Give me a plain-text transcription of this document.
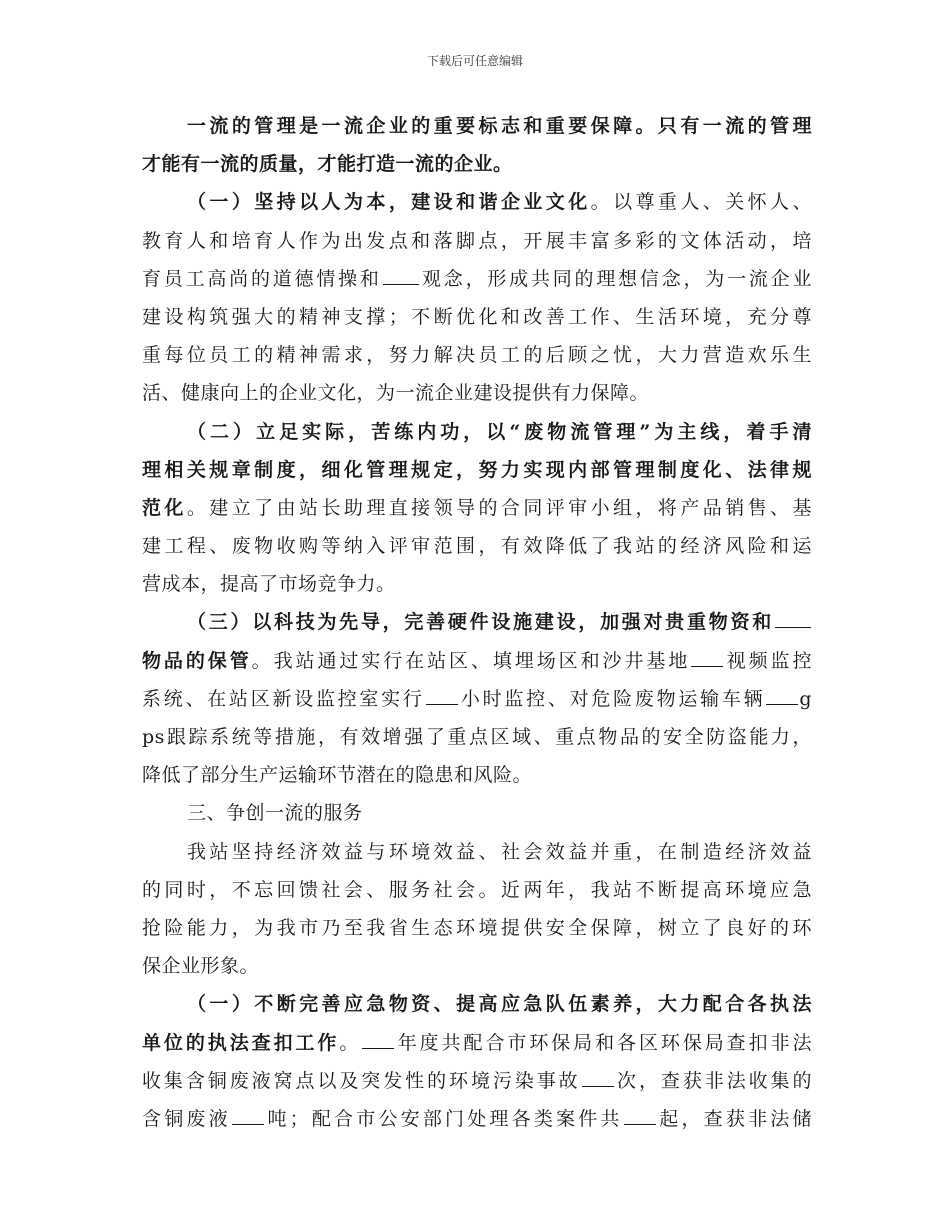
下载后可任意编辑
一流的管理是一流企业的重要标志和重要保障。只有一流的管理
才能有一流的质量，才能打造一流的企业。
（一）坚持以人为本，建设和谐企业文化。以尊重人、关怀人、
教育人和培育人作为出发点和落脚点，开展丰富多彩的文体活动，培
育员工高尚的道德情操和 观念，形成共同的理想信念，为一流企业
建设构筑强大的精神支撑；不断优化和改善工作、生活环境，充分尊
重每位员工的精神需求，努力解决员工的后顾之忧，大力营造欢乐生
活、健康向上的企业文化，为一流企业建设提供有力保障。
（二）立足实际，苦练内功，以“废物流管理”为主线，着手清
理相关规章制度，细化管理规定，努力实现内部管理制度化、法律规
范化。建立了由站长助理直接领导的合同评审小组，将产品销售、基
建工程、废物收购等纳入评审范围，有效降低了我站的经济风险和运
营成本，提高了市场竞争力。
（三）以科技为先导，完善硬件设施建设，加强对贵重物资和
物品的保管。我站通过实行在站区、填埋场区和沙井基地 视频监控
系统、在站区新设监控室实行 小时监控、对危险废物运输车辆 g
ps跟踪系统等措施，有效增强了重点区域、重点物品的安全防盗能力，
降低了部分生产运输环节潜在的隐患和风险。
三、争创一流的服务
我站坚持经济效益与环境效益、社会效益并重，在制造经济效益
的同时，不忘回馈社会、服务社会。近两年，我站不断提高环境应急
抢险能力，为我市乃至我省生态环境提供安全保障，树立了良好的环
保企业形象。
（一）不断完善应急物资、提高应急队伍素养，大力配合各执法
单位的执法查扣工作。 年度共配合市环保局和各区环保局查扣非法
收集含铜废液窝点以及突发性的环境污染事故 次，查获非法收集的
含铜废液 吨；配合市公安部门处理各类案件共 起，查获非法储
